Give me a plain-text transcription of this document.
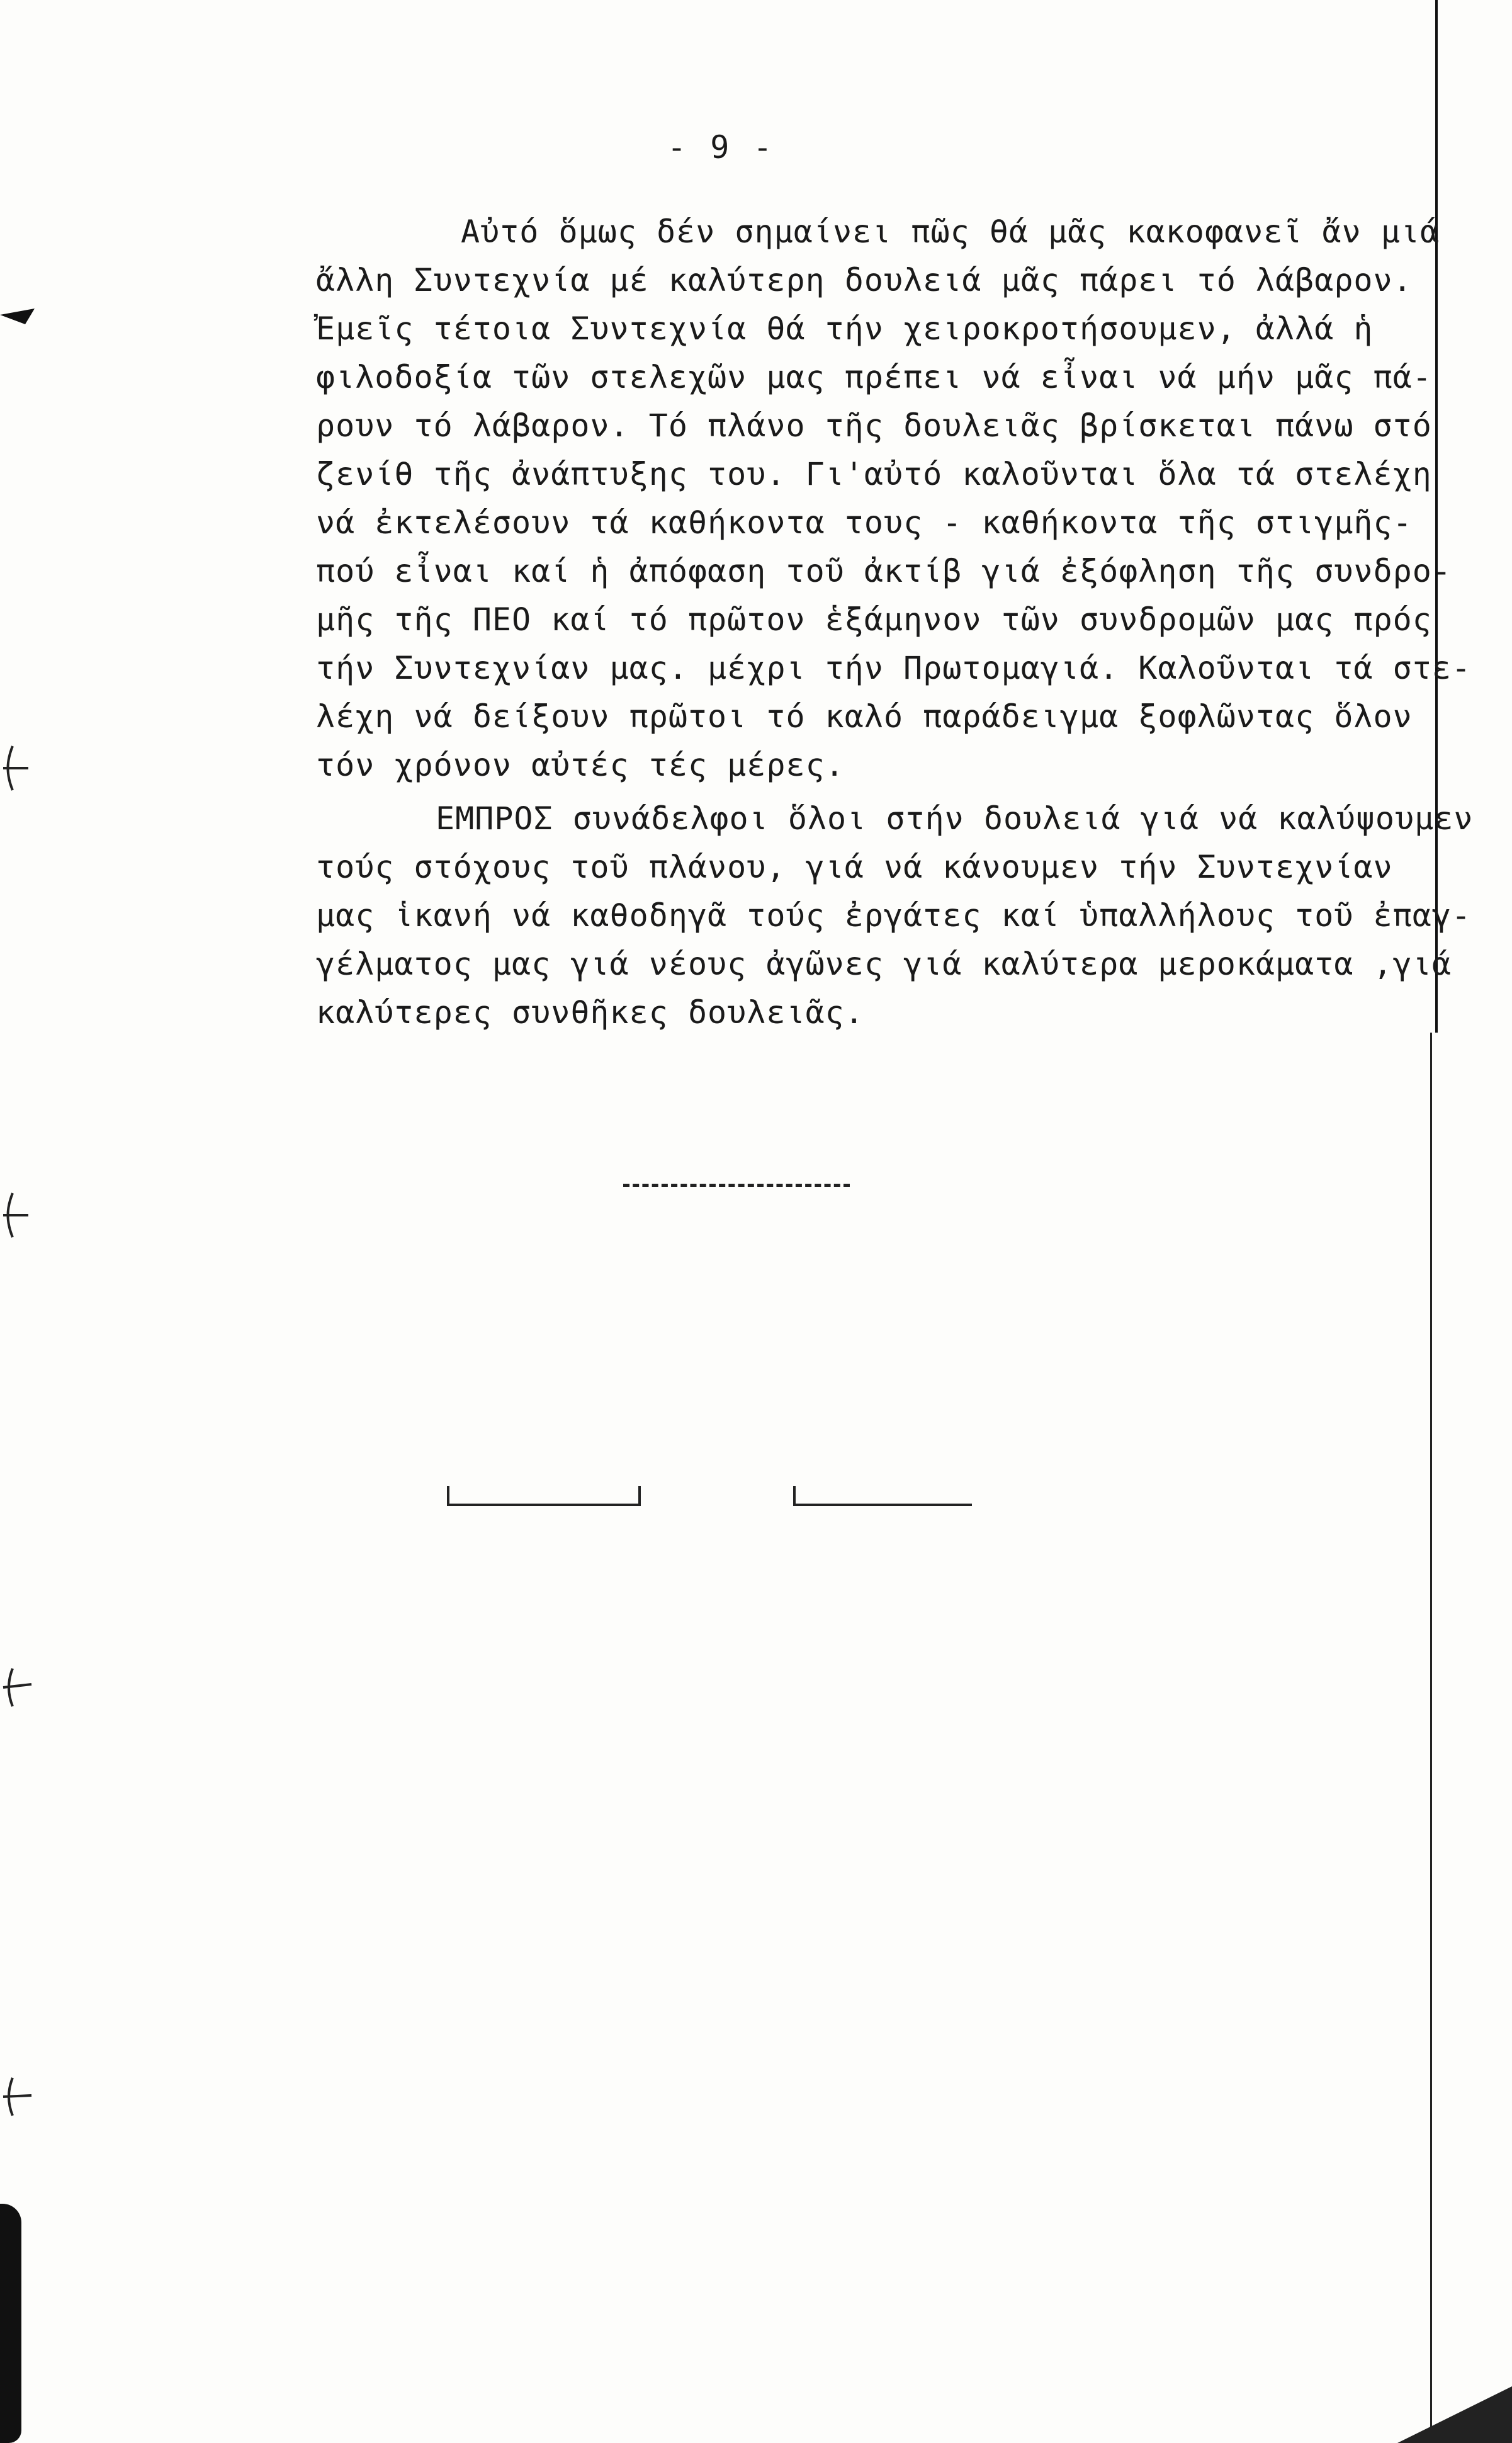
- 9 -
Αὐτό ὅμως δέν σημαίνει πῶς θά μᾶς κακοφανεῖ ἄν μιά
ἄλλη Συντεχνία μέ καλύτερη δουλειά μᾶς πάρει τό λάβαρον.
Ἐμεῖς τέτοια Συντεχνία θά τήν χειροκροτήσουμεν, ἀλλά ἡ
φιλοδοξία τῶν στελεχῶν μας πρέπει νά εἶναι νά μήν μᾶς πά-
ρουν τό λάβαρον. Τό πλάνο τῆς δουλειᾶς βρίσκεται πάνω στό
ζενίθ τῆς ἀνάπτυξης του. Γι'αὐτό καλοῦνται ὅλα τά στελέχη
νά ἐκτελέσουν τά καθήκοντα τους - καθήκοντα τῆς στιγμῆς-
πού εἶναι καί ἡ ἀπόφαση τοῦ ἀκτίβ γιά ἐξόφληση τῆς συνδρο-
μῆς τῆς ΠΕΟ καί τό πρῶτον ἑξάμηνον τῶν συνδρομῶν μας πρός
τήν Συντεχνίαν μας. μέχρι τήν Πρωτομαγιά. Καλοῦνται τά στε-
λέχη νά δείξουν πρῶτοι τό καλό παράδειγμα ξοφλῶντας ὅλον
τόν χρόνον αὐτές τές μέρες.
ΕΜΠΡΟΣ συνάδελφοι ὅλοι στήν δουλειά γιά νά καλύψουμεν
τούς στόχους τοῦ πλάνου, γιά νά κάνουμεν τήν Συντεχνίαν
μας ἱκανή νά καθοδηγᾶ τούς ἐργάτες καί ὑπαλλήλους τοῦ ἐπαγ-
γέλματος μας γιά νέους ἀγῶνες γιά καλύτερα μεροκάματα ,γιά
καλύτερες συνθῆκες δουλειᾶς.
